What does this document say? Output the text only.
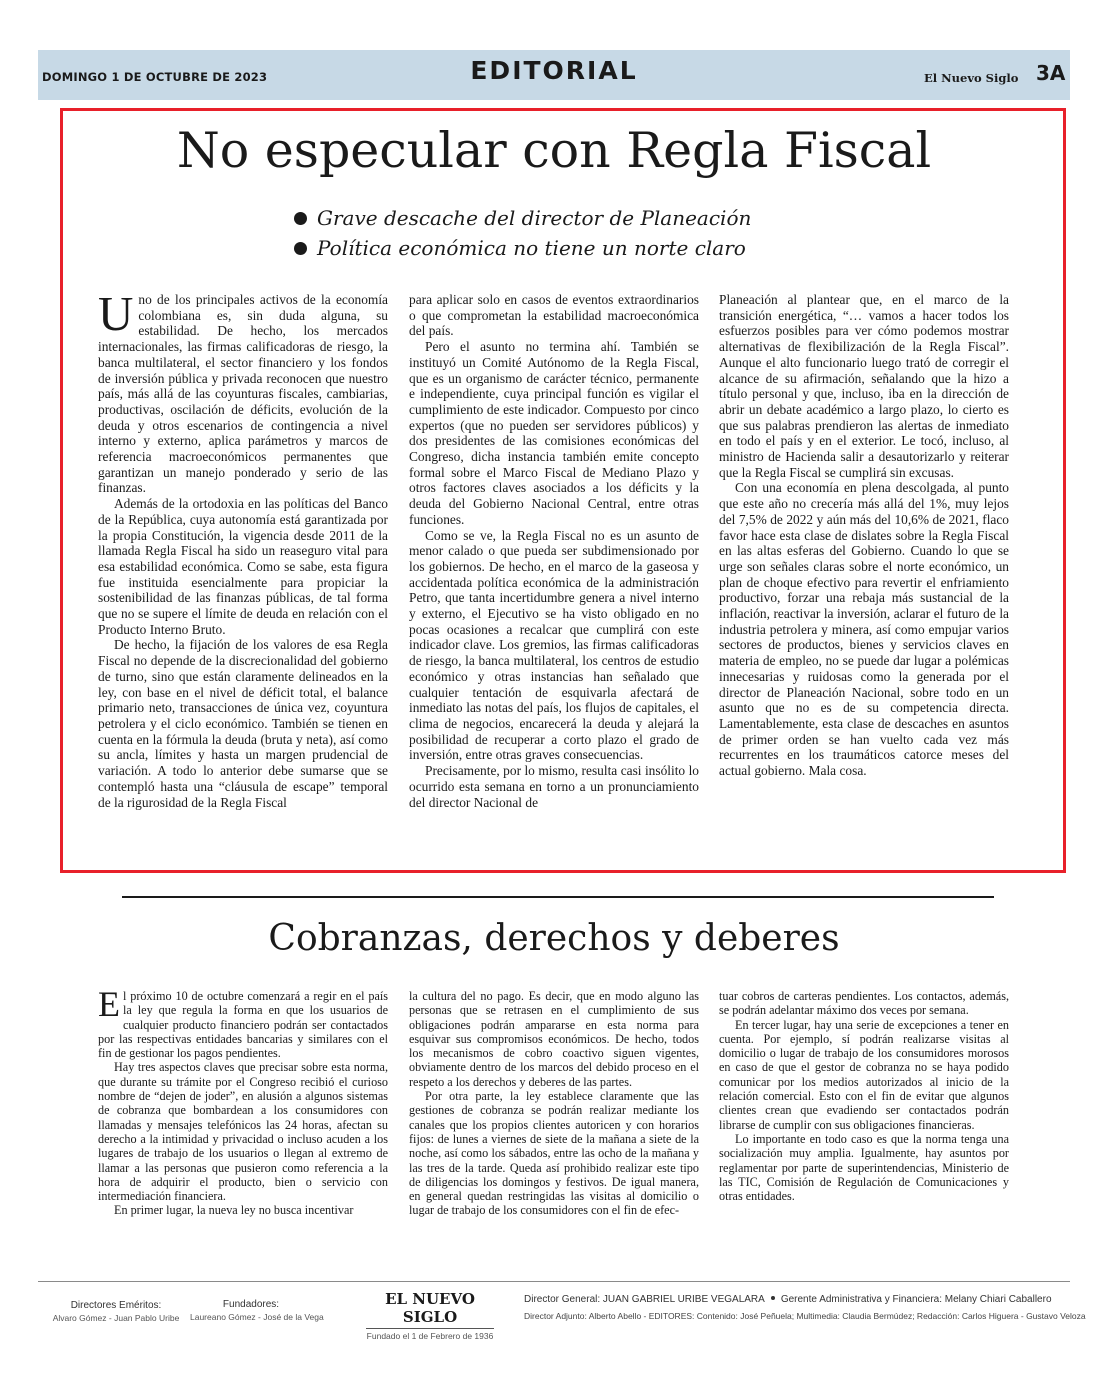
DOMINGO 1 DE OCTUBRE DE 2023	EDITORIAL	El Nuevo Siglo 3A
No especular con Regla Fiscal
Grave descache del director de Planeación
Política económica no tiene un norte claro

Uno de los principales activos de la economía colombiana es, sin duda alguna, su estabilidad. De hecho, los mercados internacionales, las firmas calificadoras de riesgo, la banca multilateral, el sector financiero y los fondos de inversión pública y privada reconocen que nuestro país, más allá de las coyunturas fiscales, cambiarias, productivas, oscilación de déficits, evolución de la deuda y otros escenarios de contingencia a nivel interno y externo, aplica parámetros y marcos de referencia macroeconómicos permanentes que garantizan un manejo ponderado y serio de las finanzas.

Además de la ortodoxia en las políticas del Banco de la República, cuya autonomía está garantizada por la propia Constitución, la vigencia desde 2011 de la llamada Regla Fiscal ha sido un reaseguro vital para esa estabilidad económica. Como se sabe, esta figura fue instituida esencialmente para propiciar la sostenibilidad de las finanzas públicas, de tal forma que no se supere el límite de deuda en relación con el Producto Interno Bruto.

De hecho, la fijación de los valores de esa Regla Fiscal no depende de la discrecionalidad del gobierno de turno, sino que están claramente delineados en la ley, con base en el nivel de déficit total, el balance primario neto, transacciones de única vez, coyuntura petrolera y el ciclo económico. También se tienen en cuenta en la fórmula la deuda (bruta y neta), así como su ancla, límites y hasta un margen prudencial de variación. A todo lo anterior debe sumarse que se contempló hasta una “cláusula de escape” temporal de la rigurosidad de la Regla Fiscal

para aplicar solo en casos de eventos extraordinarios o que comprometan la estabilidad macroeconómica del país.

Pero el asunto no termina ahí. También se instituyó un Comité Autónomo de la Regla Fiscal, que es un organismo de carácter técnico, permanente e independiente, cuya principal función es vigilar el cumplimiento de este indicador. Compuesto por cinco expertos (que no pueden ser servidores públicos) y dos presidentes de las comisiones económicas del Congreso, dicha instancia también emite concepto formal sobre el Marco Fiscal de Mediano Plazo y otros factores claves asociados a los déficits y la deuda del Gobierno Nacional Central, entre otras funciones.

Como se ve, la Regla Fiscal no es un asunto de menor calado o que pueda ser subdimensionado por los gobiernos. De hecho, en el marco de la gaseosa y accidentada política económica de la administración Petro, que tanta incertidumbre genera a nivel interno y externo, el Ejecutivo se ha visto obligado en no pocas ocasiones a recalcar que cumplirá con este indicador clave. Los gremios, las firmas calificadoras de riesgo, la banca multilateral, los centros de estudio económico y otras instancias han señalado que cualquier tentación de esquivarla afectará de inmediato las notas del país, los flujos de capitales, el clima de negocios, encarecerá la deuda y alejará la posibilidad de recuperar a corto plazo el grado de inversión, entre otras graves consecuencias.

Precisamente, por lo mismo, resulta casi insólito lo ocurrido esta semana en torno a un pronunciamiento del director Nacional de

Planeación al plantear que, en el marco de la transición energética, “… vamos a hacer todos los esfuerzos posibles para ver cómo podemos mostrar alternativas de flexibilización de la Regla Fiscal”. Aunque el alto funcionario luego trató de corregir el alcance de su afirmación, señalando que la hizo a título personal y que, incluso, iba en la dirección de abrir un debate académico a largo plazo, lo cierto es que sus palabras prendieron las alertas de inmediato en todo el país y en el exterior. Le tocó, incluso, al ministro de Hacienda salir a desautorizarlo y reiterar que la Regla Fiscal se cumplirá sin excusas.

Con una economía en plena descolgada, al punto que este año no crecería más allá del 1%, muy lejos del 7,5% de 2022 y aún más del 10,6% de 2021, flaco favor hace esta clase de dislates sobre la Regla Fiscal en las altas esferas del Gobierno. Cuando lo que se urge son señales claras sobre el norte económico, un plan de choque efectivo para revertir el enfriamiento productivo, forzar una rebaja más sustancial de la inflación, reactivar la inversión, aclarar el futuro de la industria petrolera y minera, así como empujar varios sectores de productos, bienes y servicios claves en materia de empleo, no se puede dar lugar a polémicas innecesarias y ruidosas como la generada por el director de Planeación Nacional, sobre todo en un asunto que no es de su competencia directa. Lamentablemente, esta clase de descaches en asuntos de primer orden se han vuelto cada vez más recurrentes en los traumáticos catorce meses del actual gobierno. Mala cosa.

Cobranzas, derechos y deberes

El próximo 10 de octubre comenzará a regir en el país la ley que regula la forma en que los usuarios de cualquier producto financiero podrán ser contactados por las respectivas entidades bancarias y similares con el fin de gestionar los pagos pendientes.

Hay tres aspectos claves que precisar sobre esta norma, que durante su trámite por el Congreso recibió el curioso nombre de “dejen de joder”, en alusión a algunos sistemas de cobranza que bombardean a los consumidores con llamadas y mensajes telefónicos las 24 horas, afectan su derecho a la intimidad y privacidad o incluso acuden a los lugares de trabajo de los usuarios o llegan al extremo de llamar a las personas que pusieron como referencia a la hora de adquirir el producto, bien o servicio con intermediación financiera.

En primer lugar, la nueva ley no busca incentivar

la cultura del no pago. Es decir, que en modo alguno las personas que se retrasen en el cumplimiento de sus obligaciones podrán ampararse en esta norma para esquivar sus compromisos económicos. De hecho, todos los mecanismos de cobro coactivo siguen vigentes, obviamente dentro de los marcos del debido proceso en el respeto a los derechos y deberes de las partes.

Por otra parte, la ley establece claramente que las gestiones de cobranza se podrán realizar mediante los canales que los propios clientes autoricen y con horarios fijos: de lunes a viernes de siete de la mañana a siete de la noche, así como los sábados, entre las ocho de la mañana y las tres de la tarde. Queda así prohibido realizar este tipo de diligencias los domingos y festivos. De igual manera, en general quedan restringidas las visitas al domicilio o lugar de trabajo de los consumidores con el fin de efec-

tuar cobros de carteras pendientes. Los contactos, además, se podrán adelantar máximo dos veces por semana.

En tercer lugar, hay una serie de excepciones a tener en cuenta. Por ejemplo, sí podrán realizarse visitas al domicilio o lugar de trabajo de los consumidores morosos en caso de que el gestor de cobranza no se haya podido comunicar por los medios autorizados al inicio de la relación comercial. Esto con el fin de evitar que algunos clientes crean que evadiendo ser contactados podrán librarse de cumplir con sus obligaciones financieras.

Lo importante en todo caso es que la norma tenga una socialización muy amplia. Igualmente, hay asuntos por reglamentar por parte de superintendencias, Ministerio de las TIC, Comisión de Regulación de Comunicaciones y otras entidades.

Directores Eméritos:
Alvaro Gómez - Juan Pablo Uribe
Fundadores:
Laureano Gómez - José de la Vega
EL NUEVO SIGLO
Fundado el 1 de Febrero de 1936
Director General: JUAN GABRIEL URIBE VEGALARA Gerente Administrativa y Financiera: Melany Chiari Caballero
Director Adjunto: Alberto Abello - EDITORES: Contenido: José Peñuela; Multimedia: Claudia Bermúdez; Redacción: Carlos Higuera - Gustavo Veloza
